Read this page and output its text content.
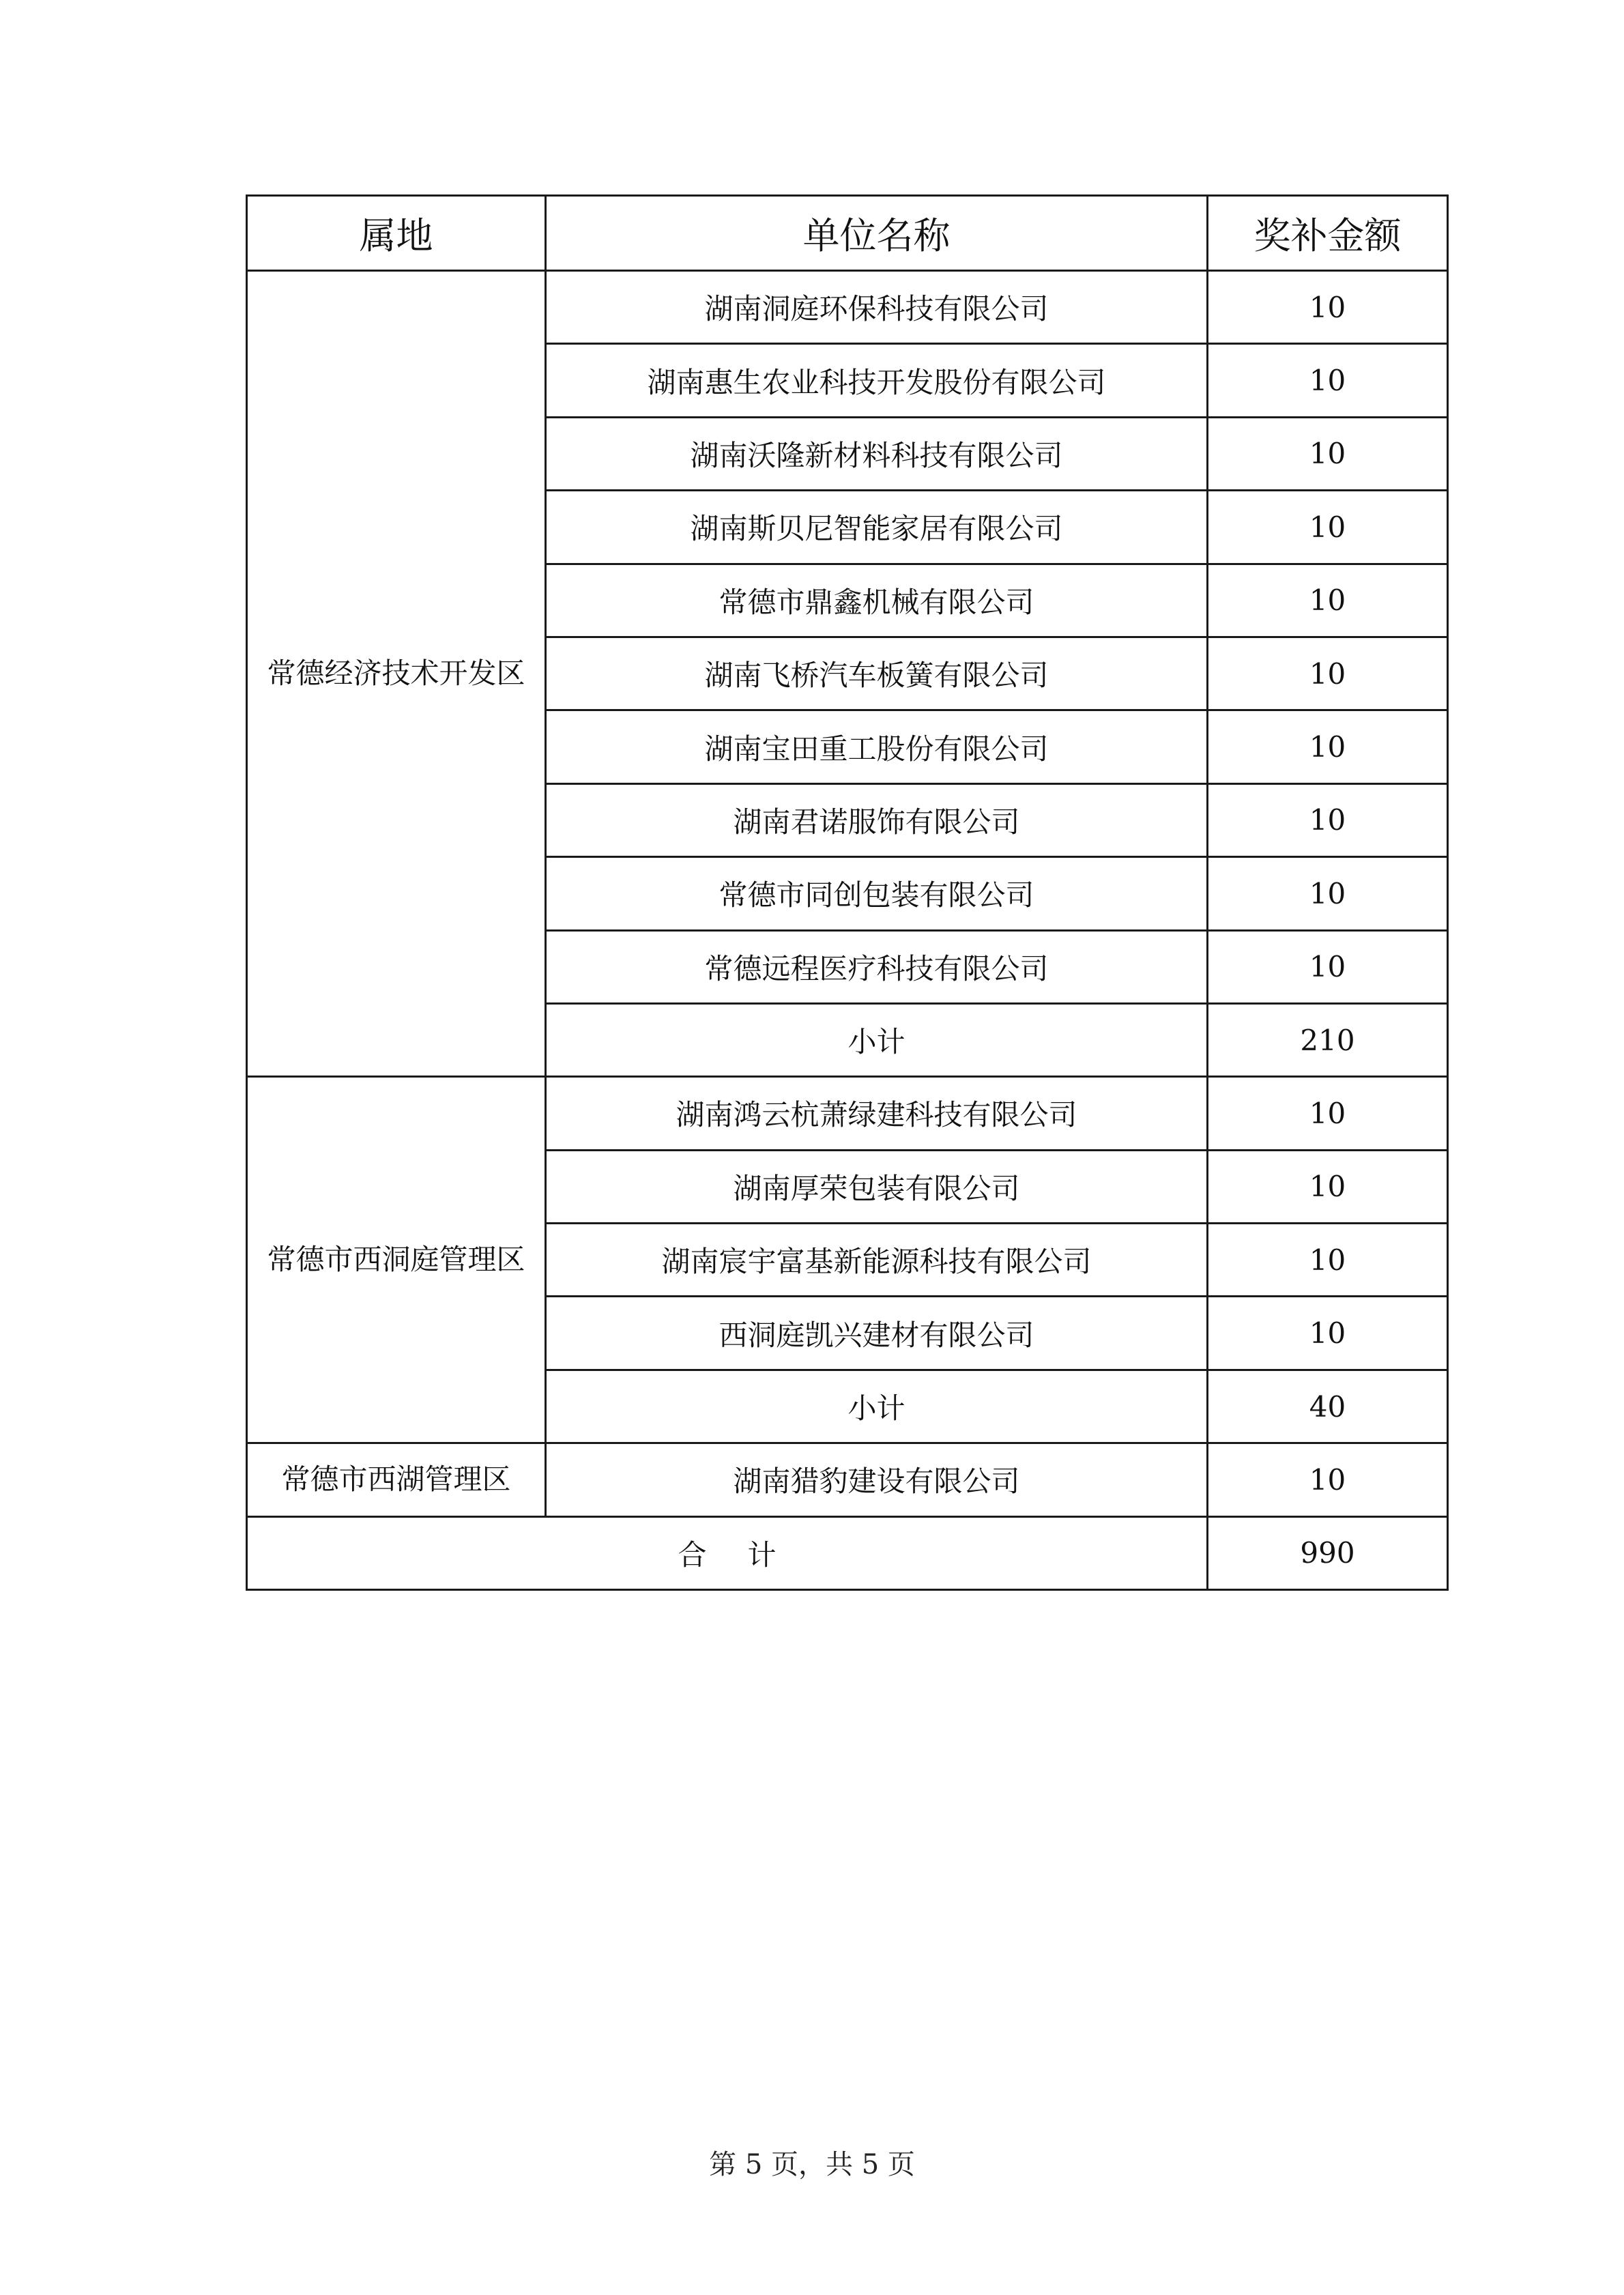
属地	单位名称	奖补金额
常德经济技术开发区	湖南洞庭环保科技有限公司	10
	湖南惠生农业科技开发股份有限公司	10
	湖南沃隆新材料科技有限公司	10
	湖南斯贝尼智能家居有限公司	10
	常德市鼎鑫机械有限公司	10
	湖南飞桥汽车板簧有限公司	10
	湖南宝田重工股份有限公司	10
	湖南君诺服饰有限公司	10
	常德市同创包装有限公司	10
	常德远程医疗科技有限公司	10
	小计	210
常德市西洞庭管理区	湖南鸿云杭萧绿建科技有限公司	10
	湖南厚荣包装有限公司	10
	湖南宸宇富基新能源科技有限公司	10
	西洞庭凯兴建材有限公司	10
	小计	40
常德市西湖管理区	湖南猎豹建设有限公司	10
合计		990
第 5 页，共 5 页
